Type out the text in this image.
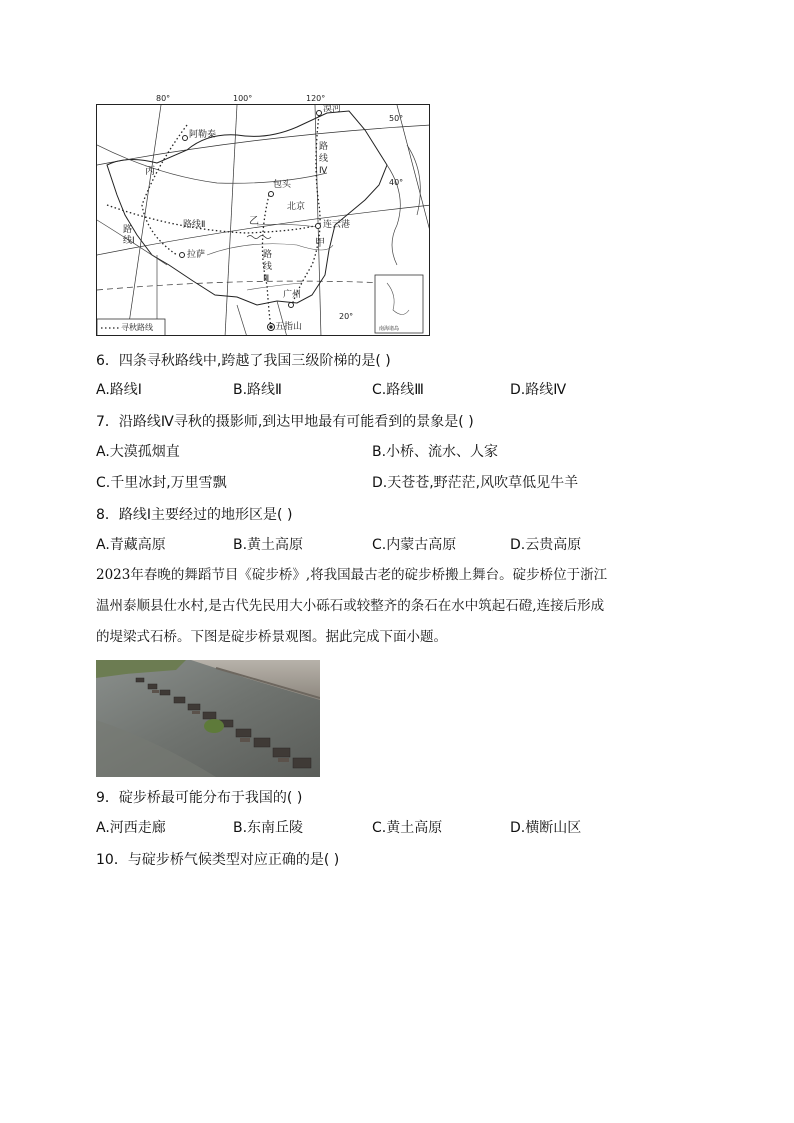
80°	100°	120°
50°
40°
20°
漠河
阿勒泰
包头
北京
连云港
拉萨
广州
五指山
丙
乙
甲
路线Ⅱ
路线Ⅰ
路线Ⅲ
路线Ⅳ
寻秋路线	南海诸岛
6．四条寻秋路线中,跨越了我国三级阶梯的是( )
A.路线Ⅰ	B.路线Ⅱ	C.路线Ⅲ	D.路线Ⅳ
7．沿路线Ⅳ寻秋的摄影师,到达甲地最有可能看到的景象是( )
A.大漠孤烟直	B.小桥、流水、人家
C.千里冰封,万里雪飘	D.天苍苍,野茫茫,风吹草低见牛羊
8．路线Ⅰ主要经过的地形区是( )
A.青藏高原	B.黄土高原	C.内蒙古高原	D.云贵高原
2023年春晚的舞蹈节目《碇步桥》,将我国最古老的碇步桥搬上舞台。碇步桥位于浙江
温州泰顺县仕水村,是古代先民用大小砾石或较整齐的条石在水中筑起石磴,连接后形成
的堤梁式石桥。下图是碇步桥景观图。据此完成下面小题。
9．碇步桥最可能分布于我国的( )
A.河西走廊	B.东南丘陵	C.黄土高原	D.横断山区
10．与碇步桥气候类型对应正确的是( )
